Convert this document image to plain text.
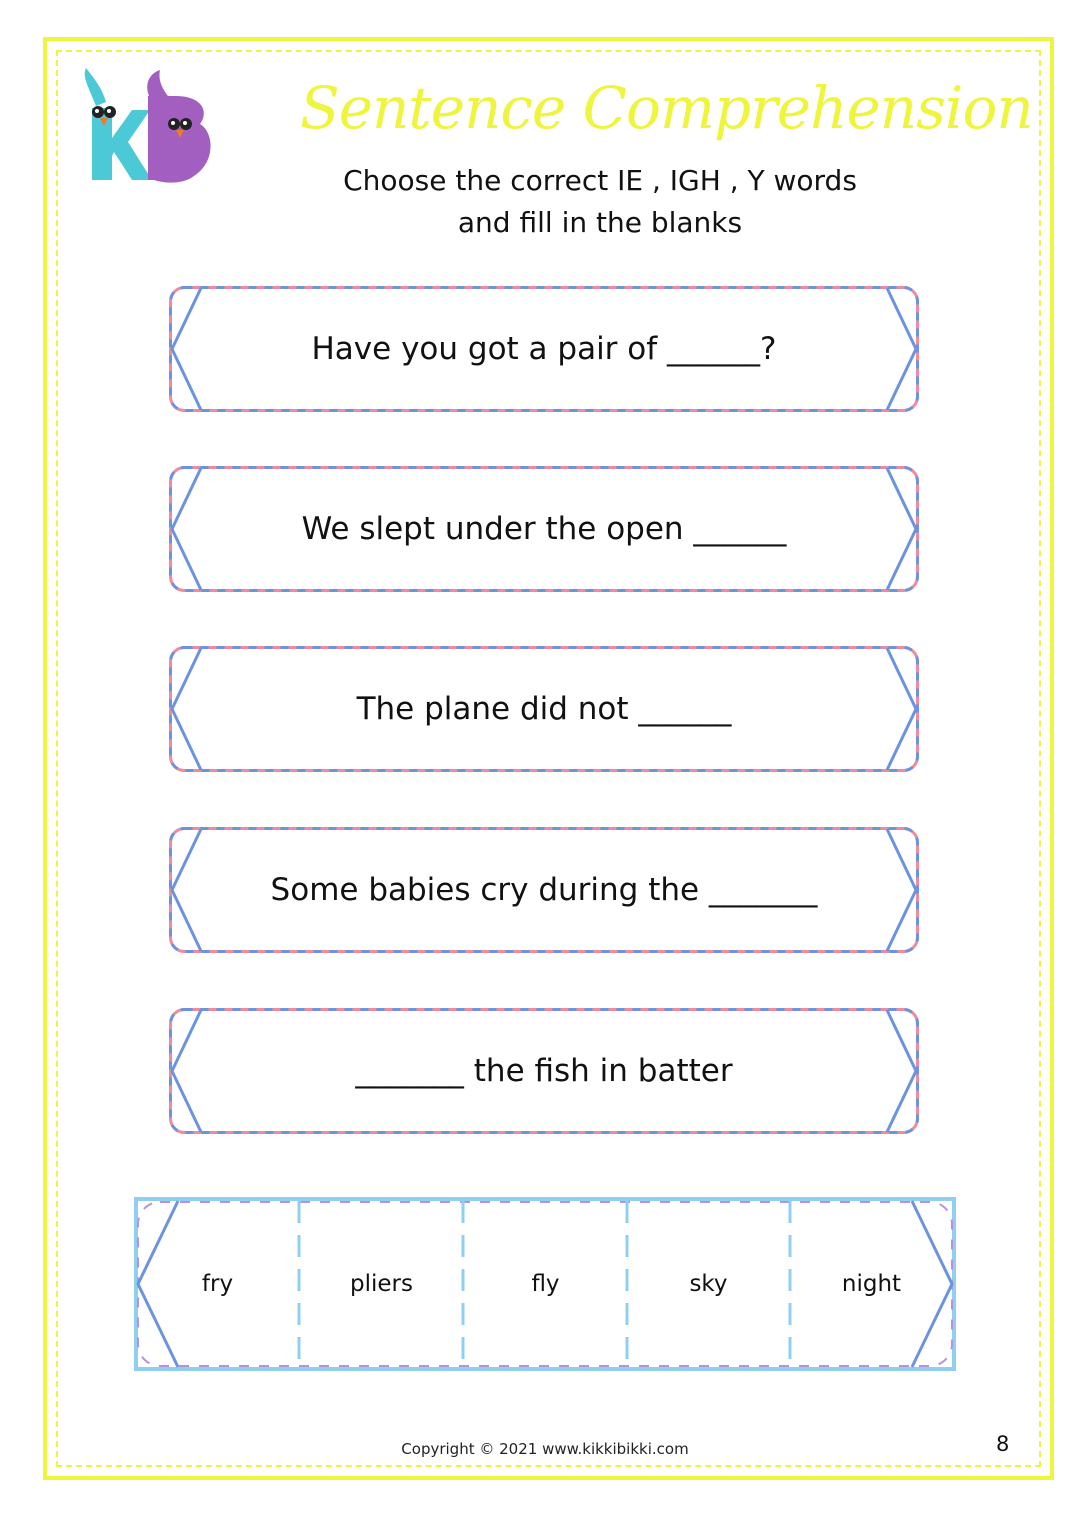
Sentence Comprehension
Choose the correct IE , IGH , Y words
and fill in the blanks
Have you got a pair of ______?
We slept under the open ______
The plane did not ______
Some babies cry during the _______
_______ the fish in batter
fry	pliers	fly	sky	night
Copyright © 2021 www.kikkibikki.com	8
